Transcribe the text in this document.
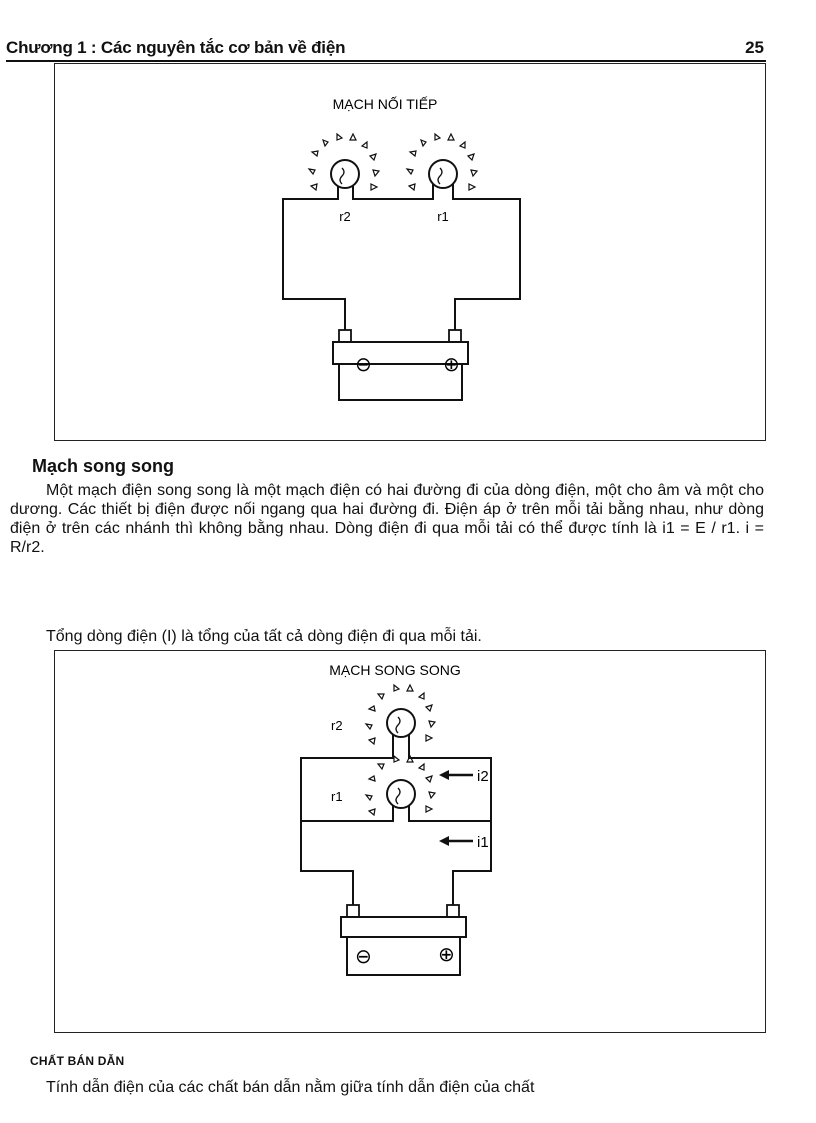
Chương 1 : Các nguyên tắc cơ bản về điện	25
MẠCH NỐI TIẾP
r2	r1
⊖	⊕
Mạch song song
Một mạch điện song song là một mạch điện có hai đường đi của dòng điện, một cho âm và một cho dương. Các thiết bị điện được nối ngang qua hai đường đi. Điện áp ở trên mỗi tải bằng nhau, như dòng điện ở trên các nhánh thì không bằng nhau. Dòng điện đi qua mỗi tải có thể được tính là i1 = E / r1. i = R/r2.
Tổng dòng điện (I) là tổng của tất cả dòng điện đi qua mỗi tải.
MẠCH SONG SONG
r2
r1
i2
i1
⊖	⊕
CHẤT BÁN DẪN
Tính dẫn điện của các chất bán dẫn nằm giữa tính dẫn điện của chất
